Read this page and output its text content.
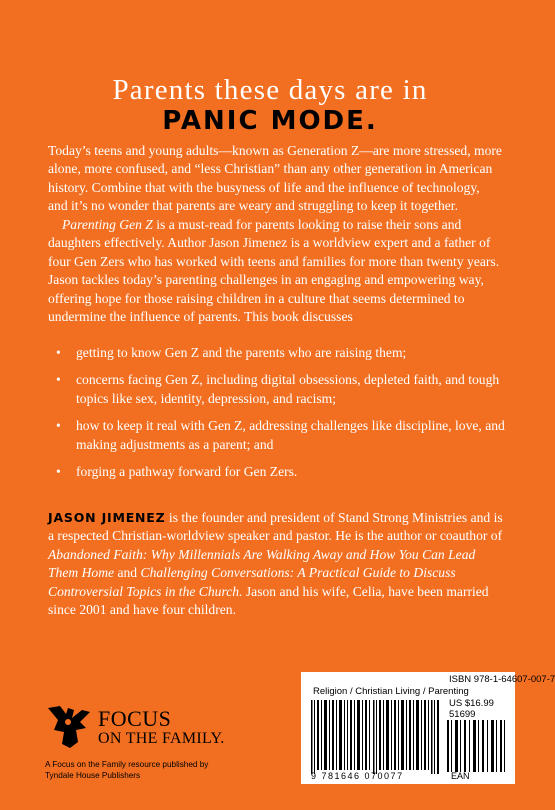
Parents these days are in
PANIC MODE.
Today’s teens and young adults—known as Generation Z—are more stressed, more alone, more confused, and “less Christian” than any other generation in American history. Combine that with the busyness of life and the influence of technology, and it’s no wonder that parents are weary and struggling to keep it together.
Parenting Gen Z is a must-read for parents looking to raise their sons and daughters effectively. Author Jason Jimenez is a worldview expert and a father of four Gen Zers who has worked with teens and families for more than twenty years. Jason tackles today’s parenting challenges in an engaging and empowering way, offering hope for those raising children in a culture that seems determined to undermine the influence of parents. This book discusses
• getting to know Gen Z and the parents who are raising them;
• concerns facing Gen Z, including digital obsessions, depleted faith, and tough topics like sex, identity, depression, and racism;
• how to keep it real with Gen Z, addressing challenges like discipline, love, and making adjustments as a parent; and
• forging a pathway forward for Gen Zers.
JASON JIMENEZ is the founder and president of Stand Strong Ministries and is a respected Christian-worldview speaker and pastor. He is the author or coauthor of Abandoned Faith: Why Millennials Are Walking Away and How You Can Lead Them Home and Challenging Conversations: A Practical Guide to Discuss Controversial Topics in the Church. Jason and his wife, Celia, have been married since 2001 and have four children.
FOCUS
ON THE FAMILY.
A Focus on the Family resource published by
Tyndale House Publishers
ISBN 978-1-64607-007-7
Religion / Christian Living / Parenting
US $16.99
51699
9 781646 070077	EAN
